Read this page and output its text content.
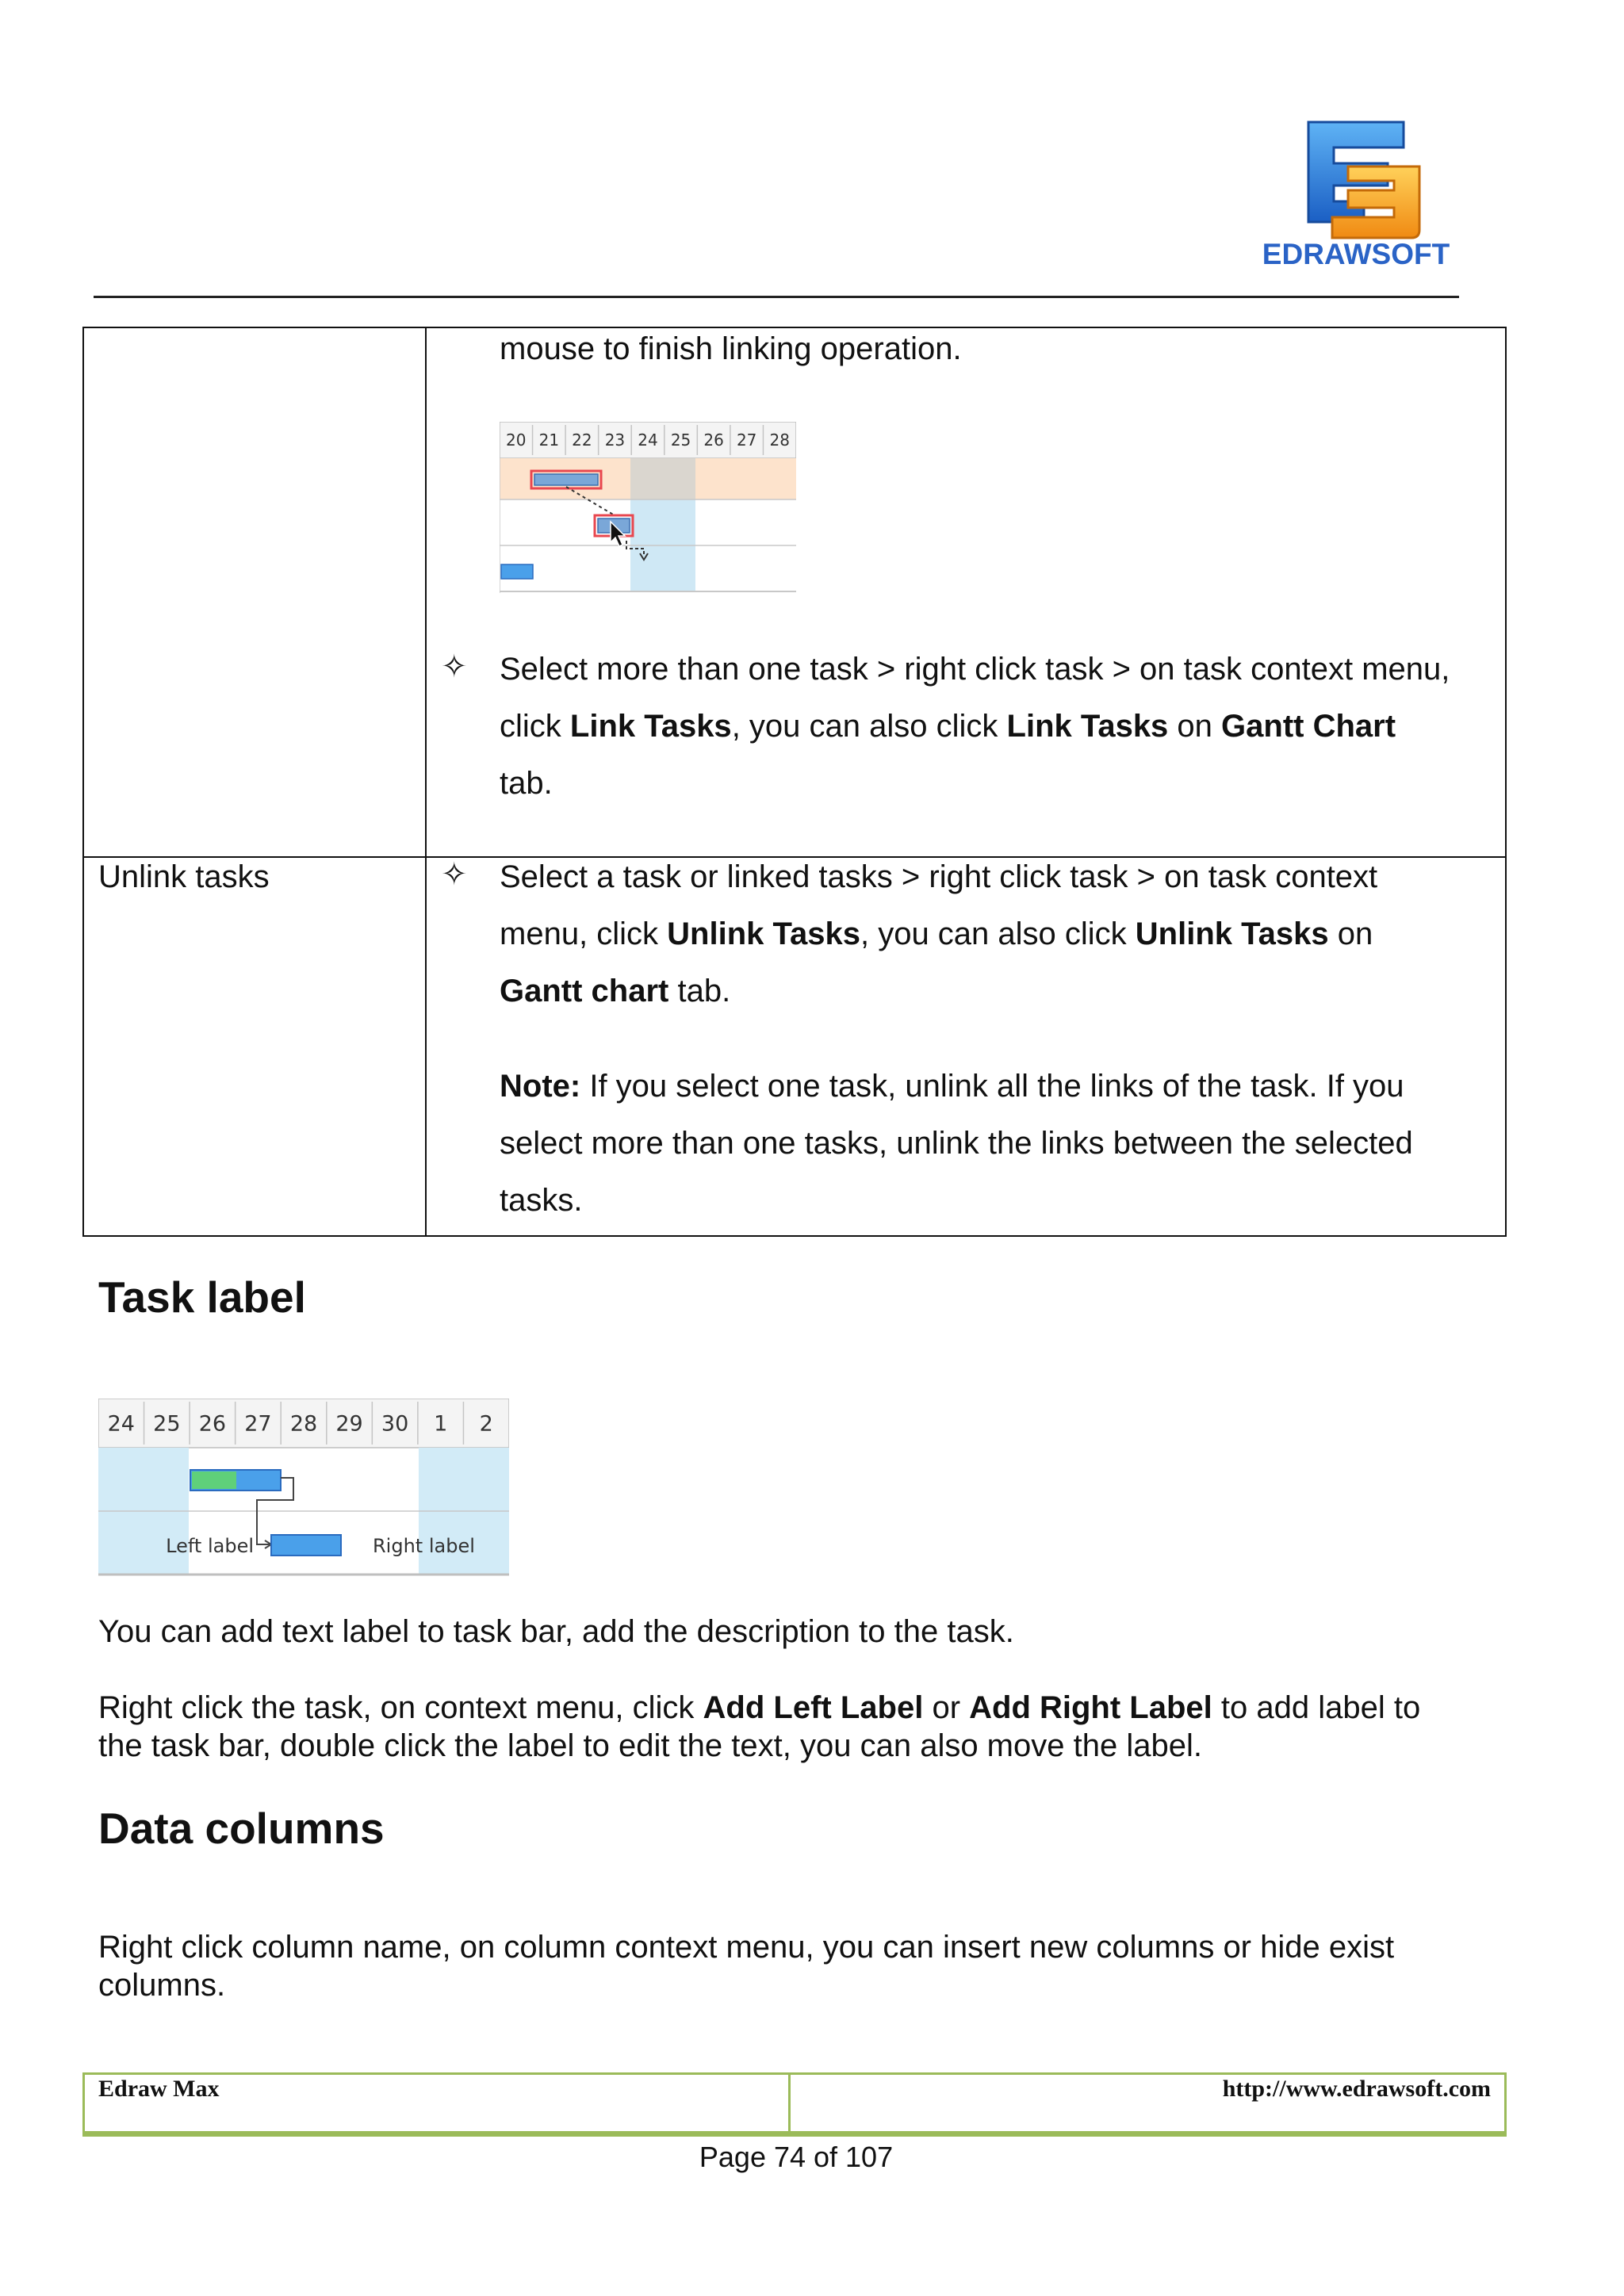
EDRAWSOFT
mouse to finish linking operation.
20 21 22 23 24 25 26 27 28
✧ Select more than one task > right click task > on task context menu,
click Link Tasks, you can also click Link Tasks on Gantt Chart
tab.
Unlink tasks	✧ Select a task or linked tasks > right click task > on task context
menu, click Unlink Tasks, you can also click Unlink Tasks on
Gantt chart tab.
Note: If you select one task, unlink all the links of the task. If you
select more than one tasks, unlink the links between the selected
tasks.
Task label
24 25 26 27 28 29 30 1 2
Left label	Right label
You can add text label to task bar, add the description to the task.
Right click the task, on context menu, click Add Left Label or Add Right Label to add label to
the task bar, double click the label to edit the text, you can also move the label.
Data columns
Right click column name, on column context menu, you can insert new columns or hide exist
columns.
Edraw Max	http://www.edrawsoft.com
Page 74 of 107
